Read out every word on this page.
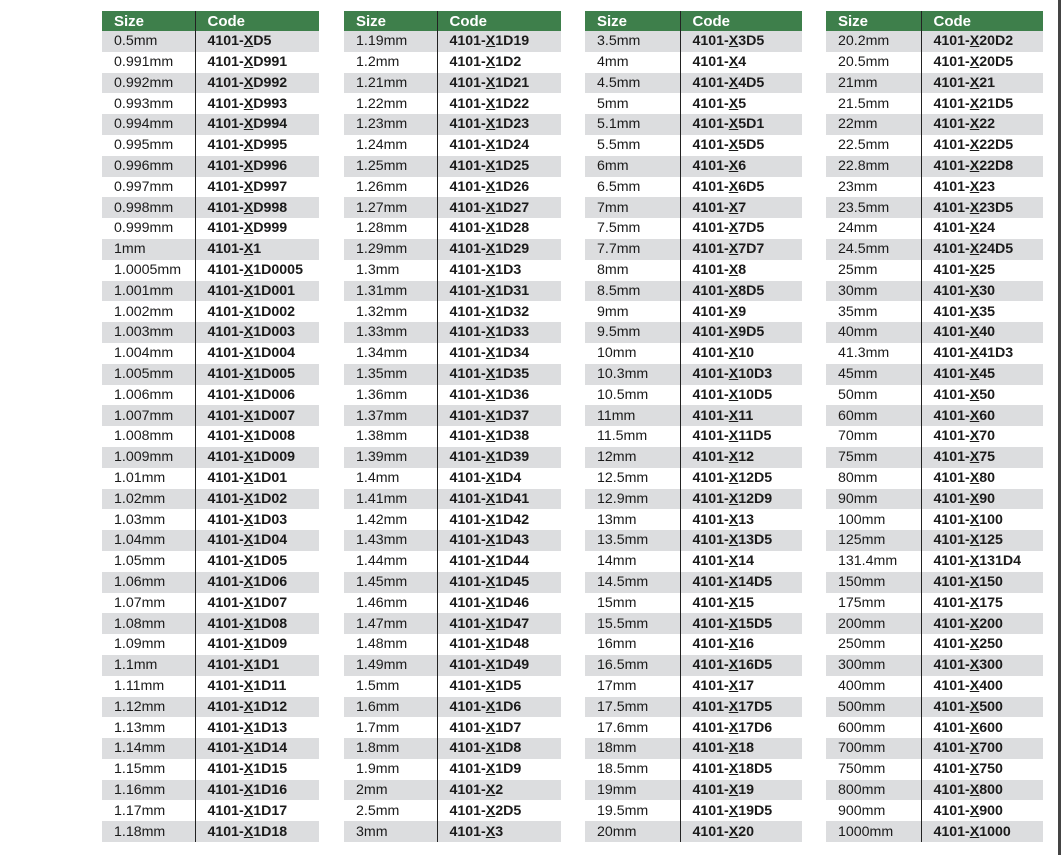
Size	Code
0.5mm	4101-XD5
0.991mm	4101-XD991
0.992mm	4101-XD992
0.993mm	4101-XD993
0.994mm	4101-XD994
0.995mm	4101-XD995
0.996mm	4101-XD996
0.997mm	4101-XD997
0.998mm	4101-XD998
0.999mm	4101-XD999
1mm	4101-X1
1.0005mm	4101-X1D0005
1.001mm	4101-X1D001
1.002mm	4101-X1D002
1.003mm	4101-X1D003
1.004mm	4101-X1D004
1.005mm	4101-X1D005
1.006mm	4101-X1D006
1.007mm	4101-X1D007
1.008mm	4101-X1D008
1.009mm	4101-X1D009
1.01mm	4101-X1D01
1.02mm	4101-X1D02
1.03mm	4101-X1D03
1.04mm	4101-X1D04
1.05mm	4101-X1D05
1.06mm	4101-X1D06
1.07mm	4101-X1D07
1.08mm	4101-X1D08
1.09mm	4101-X1D09
1.1mm	4101-X1D1
1.11mm	4101-X1D11
1.12mm	4101-X1D12
1.13mm	4101-X1D13
1.14mm	4101-X1D14
1.15mm	4101-X1D15
1.16mm	4101-X1D16
1.17mm	4101-X1D17
1.18mm	4101-X1D18
Size	Code
1.19mm	4101-X1D19
1.2mm	4101-X1D2
1.21mm	4101-X1D21
1.22mm	4101-X1D22
1.23mm	4101-X1D23
1.24mm	4101-X1D24
1.25mm	4101-X1D25
1.26mm	4101-X1D26
1.27mm	4101-X1D27
1.28mm	4101-X1D28
1.29mm	4101-X1D29
1.3mm	4101-X1D3
1.31mm	4101-X1D31
1.32mm	4101-X1D32
1.33mm	4101-X1D33
1.34mm	4101-X1D34
1.35mm	4101-X1D35
1.36mm	4101-X1D36
1.37mm	4101-X1D37
1.38mm	4101-X1D38
1.39mm	4101-X1D39
1.4mm	4101-X1D4
1.41mm	4101-X1D41
1.42mm	4101-X1D42
1.43mm	4101-X1D43
1.44mm	4101-X1D44
1.45mm	4101-X1D45
1.46mm	4101-X1D46
1.47mm	4101-X1D47
1.48mm	4101-X1D48
1.49mm	4101-X1D49
1.5mm	4101-X1D5
1.6mm	4101-X1D6
1.7mm	4101-X1D7
1.8mm	4101-X1D8
1.9mm	4101-X1D9
2mm	4101-X2
2.5mm	4101-X2D5
3mm	4101-X3
Size	Code
3.5mm	4101-X3D5
4mm	4101-X4
4.5mm	4101-X4D5
5mm	4101-X5
5.1mm	4101-X5D1
5.5mm	4101-X5D5
6mm	4101-X6
6.5mm	4101-X6D5
7mm	4101-X7
7.5mm	4101-X7D5
7.7mm	4101-X7D7
8mm	4101-X8
8.5mm	4101-X8D5
9mm	4101-X9
9.5mm	4101-X9D5
10mm	4101-X10
10.3mm	4101-X10D3
10.5mm	4101-X10D5
11mm	4101-X11
11.5mm	4101-X11D5
12mm	4101-X12
12.5mm	4101-X12D5
12.9mm	4101-X12D9
13mm	4101-X13
13.5mm	4101-X13D5
14mm	4101-X14
14.5mm	4101-X14D5
15mm	4101-X15
15.5mm	4101-X15D5
16mm	4101-X16
16.5mm	4101-X16D5
17mm	4101-X17
17.5mm	4101-X17D5
17.6mm	4101-X17D6
18mm	4101-X18
18.5mm	4101-X18D5
19mm	4101-X19
19.5mm	4101-X19D5
20mm	4101-X20
Size	Code
20.2mm	4101-X20D2
20.5mm	4101-X20D5
21mm	4101-X21
21.5mm	4101-X21D5
22mm	4101-X22
22.5mm	4101-X22D5
22.8mm	4101-X22D8
23mm	4101-X23
23.5mm	4101-X23D5
24mm	4101-X24
24.5mm	4101-X24D5
25mm	4101-X25
30mm	4101-X30
35mm	4101-X35
40mm	4101-X40
41.3mm	4101-X41D3
45mm	4101-X45
50mm	4101-X50
60mm	4101-X60
70mm	4101-X70
75mm	4101-X75
80mm	4101-X80
90mm	4101-X90
100mm	4101-X100
125mm	4101-X125
131.4mm	4101-X131D4
150mm	4101-X150
175mm	4101-X175
200mm	4101-X200
250mm	4101-X250
300mm	4101-X300
400mm	4101-X400
500mm	4101-X500
600mm	4101-X600
700mm	4101-X700
750mm	4101-X750
800mm	4101-X800
900mm	4101-X900
1000mm	4101-X1000
